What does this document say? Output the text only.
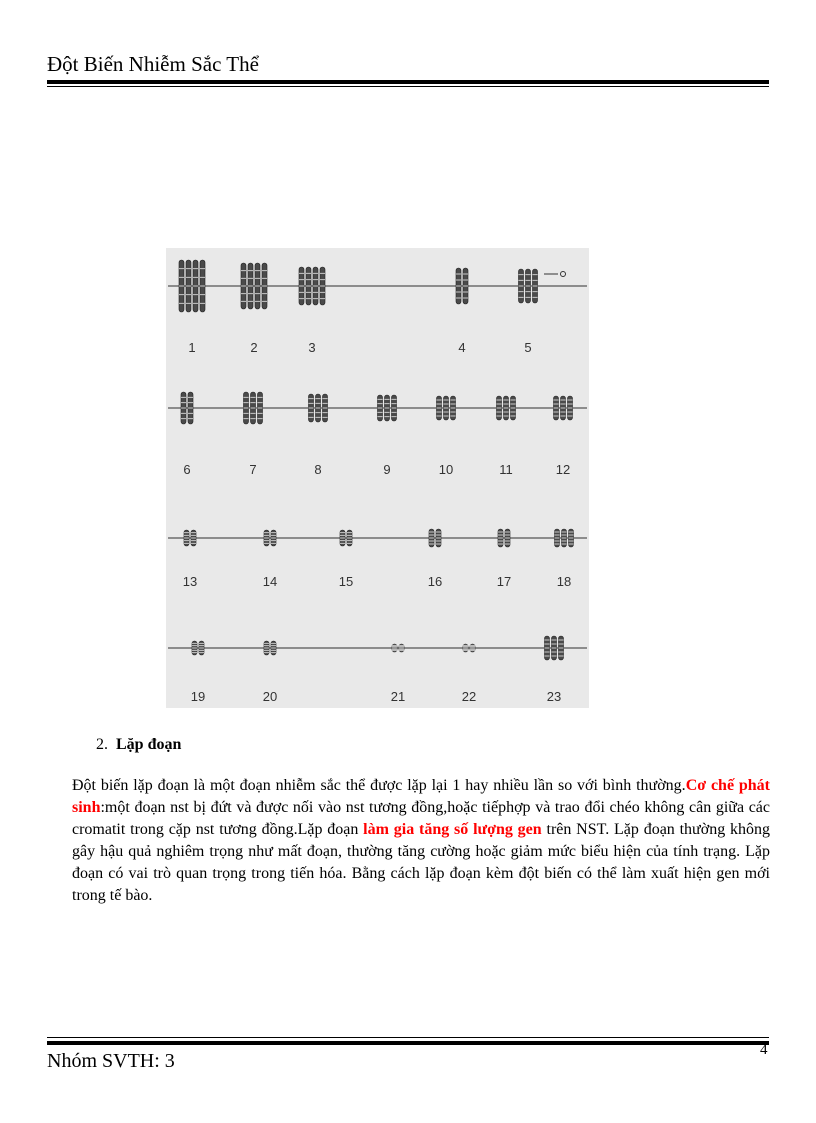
Đột Biến Nhiễm Sắc Thể
1	2	3	4	5
6	7	8	9	10	11	12
13	14	15	16	17	18
19	20	21	22	23
2. Lặp đoạn
Đột biến lặp đoạn là một đoạn nhiễm sắc thể được lặp lại 1 hay nhiều lần so với bình thường.Cơ chế phát sinh:một đoạn nst bị đứt và được nối vào nst tương đồng,hoặc tiếphợp và trao đổi chéo không cân giữa các cromatit trong cặp nst tương đồng.Lặp đoạn làm gia tăng số lượng gen trên NST. Lặp đoạn thường không gây hậu quả nghiêm trọng như mất đoạn, thường tăng cường hoặc giảm mức biểu hiện của tính trạng. Lặp đoạn có vai trò quan trọng trong tiến hóa. Bằng cách lặp đoạn kèm đột biến có thể làm xuất hiện gen mới trong tế bào.
Nhóm SVTH: 3	4
